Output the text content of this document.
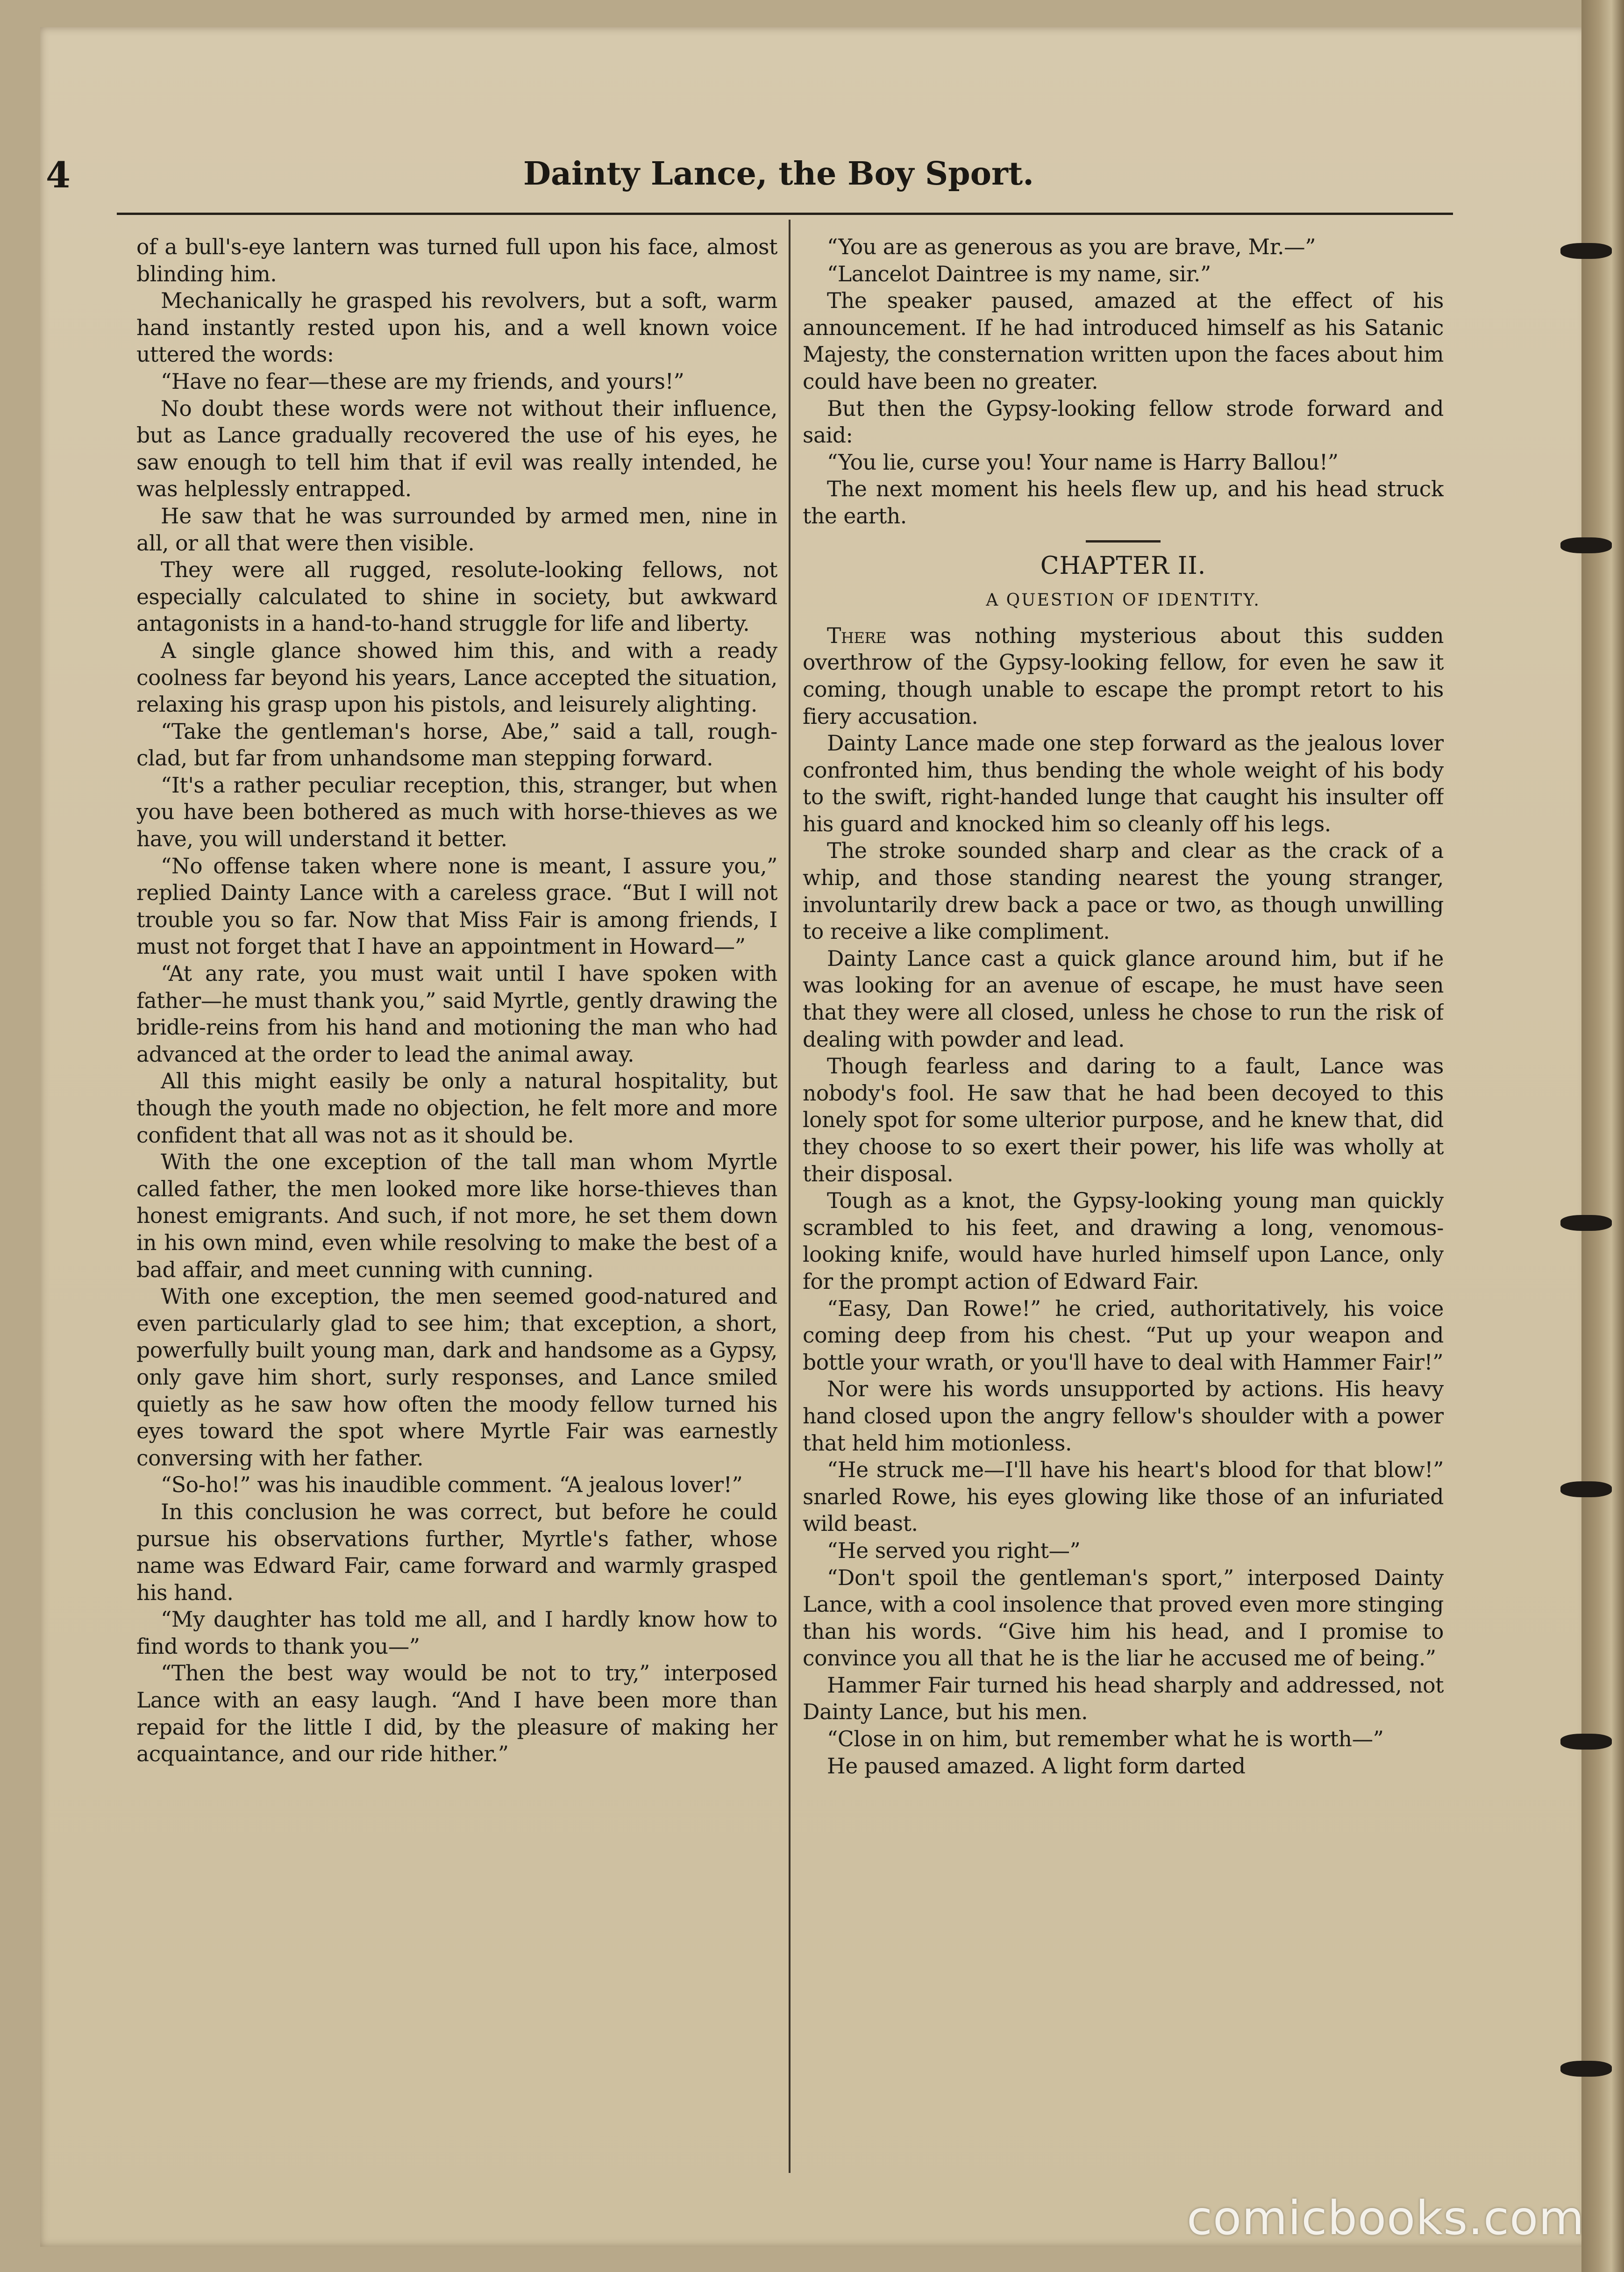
4	Dainty Lance, the Boy Sport.

of a bull's-eye lantern was turned full upon his face, almost blinding him.

Mechanically he grasped his revolvers, but a soft, warm hand instantly rested upon his, and a well known voice uttered the words:

“Have no fear—these are my friends, and yours!”

No doubt these words were not without their influence, but as Lance gradually recovered the use of his eyes, he saw enough to tell him that if evil was really intended, he was helplessly entrapped.

He saw that he was surrounded by armed men, nine in all, or all that were then visible.

They were all rugged, resolute-looking fellows, not especially calculated to shine in society, but awkward antagonists in a hand-to-hand struggle for life and liberty.

A single glance showed him this, and with a ready coolness far beyond his years, Lance accepted the situation, relaxing his grasp upon his pistols, and leisurely alighting.

“Take the gentleman's horse, Abe,” said a tall, rough-clad, but far from unhandsome man stepping forward.

“It's a rather peculiar reception, this, stranger, but when you have been bothered as much with horse-thieves as we have, you will understand it better.

“No offense taken where none is meant, I assure you,” replied Dainty Lance with a careless grace. “But I will not trouble you so far. Now that Miss Fair is among friends, I must not forget that I have an appointment in Howard—”

“At any rate, you must wait until I have spoken with father—he must thank you,” said Myrtle, gently drawing the bridle-reins from his hand and motioning the man who had advanced at the order to lead the animal away.

All this might easily be only a natural hospitality, but though the youth made no objection, he felt more and more confident that all was not as it should be.

With the one exception of the tall man whom Myrtle called father, the men looked more like horse-thieves than honest emigrants. And such, if not more, he set them down in his own mind, even while resolving to make the best of a bad affair, and meet cunning with cunning.

With one exception, the men seemed good-natured and even particularly glad to see him; that exception, a short, powerfully built young man, dark and handsome as a Gypsy, only gave him short, surly responses, and Lance smiled quietly as he saw how often the moody fellow turned his eyes toward the spot where Myrtle Fair was earnestly conversing with her father.

“So-ho!” was his inaudible comment. “A jealous lover!”

In this conclusion he was correct, but before he could pursue his observations further, Myrtle's father, whose name was Edward Fair, came forward and warmly grasped his hand.

“My daughter has told me all, and I hardly know how to find words to thank you—”

“Then the best way would be not to try,” interposed Lance with an easy laugh. “And I have been more than repaid for the little I did, by the pleasure of making her acquaintance, and our ride hither.”

“You are as generous as you are brave, Mr.—”

“Lancelot Daintree is my name, sir.”

The speaker paused, amazed at the effect of his announcement. If he had introduced himself as his Satanic Majesty, the consternation written upon the faces about him could have been no greater.

But then the Gypsy-looking fellow strode forward and said:

“You lie, curse you! Your name is Harry Ballou!”

The next moment his heels flew up, and his head struck the earth.

CHAPTER II.
A QUESTION OF IDENTITY.

There was nothing mysterious about this sudden overthrow of the Gypsy-looking fellow, for even he saw it coming, though unable to escape the prompt retort to his fiery accusation.

Dainty Lance made one step forward as the jealous lover confronted him, thus bending the whole weight of his body to the swift, right-handed lunge that caught his insulter off his guard and knocked him so cleanly off his legs.

The stroke sounded sharp and clear as the crack of a whip, and those standing nearest the young stranger, involuntarily drew back a pace or two, as though unwilling to receive a like compliment.

Dainty Lance cast a quick glance around him, but if he was looking for an avenue of escape, he must have seen that they were all closed, unless he chose to run the risk of dealing with powder and lead.

Though fearless and daring to a fault, Lance was nobody's fool. He saw that he had been decoyed to this lonely spot for some ulterior purpose, and he knew that, did they choose to so exert their power, his life was wholly at their disposal.

Tough as a knot, the Gypsy-looking young man quickly scrambled to his feet, and drawing a long, venomous-looking knife, would have hurled himself upon Lance, only for the prompt action of Edward Fair.

“Easy, Dan Rowe!” he cried, authoritatively, his voice coming deep from his chest. “Put up your weapon and bottle your wrath, or you'll have to deal with Hammer Fair!”

Nor were his words unsupported by actions. His heavy hand closed upon the angry fellow's shoulder with a power that held him motionless.

“He struck me—I'll have his heart's blood for that blow!” snarled Rowe, his eyes glowing like those of an infuriated wild beast.

“He served you right—”

“Don't spoil the gentleman's sport,” interposed Dainty Lance, with a cool insolence that proved even more stinging than his words. “Give him his head, and I promise to convince you all that he is the liar he accused me of being.”

Hammer Fair turned his head sharply and addressed, not Dainty Lance, but his men.

“Close in on him, but remember what he is worth—”

He paused amazed. A light form darted

comicbooks.com
